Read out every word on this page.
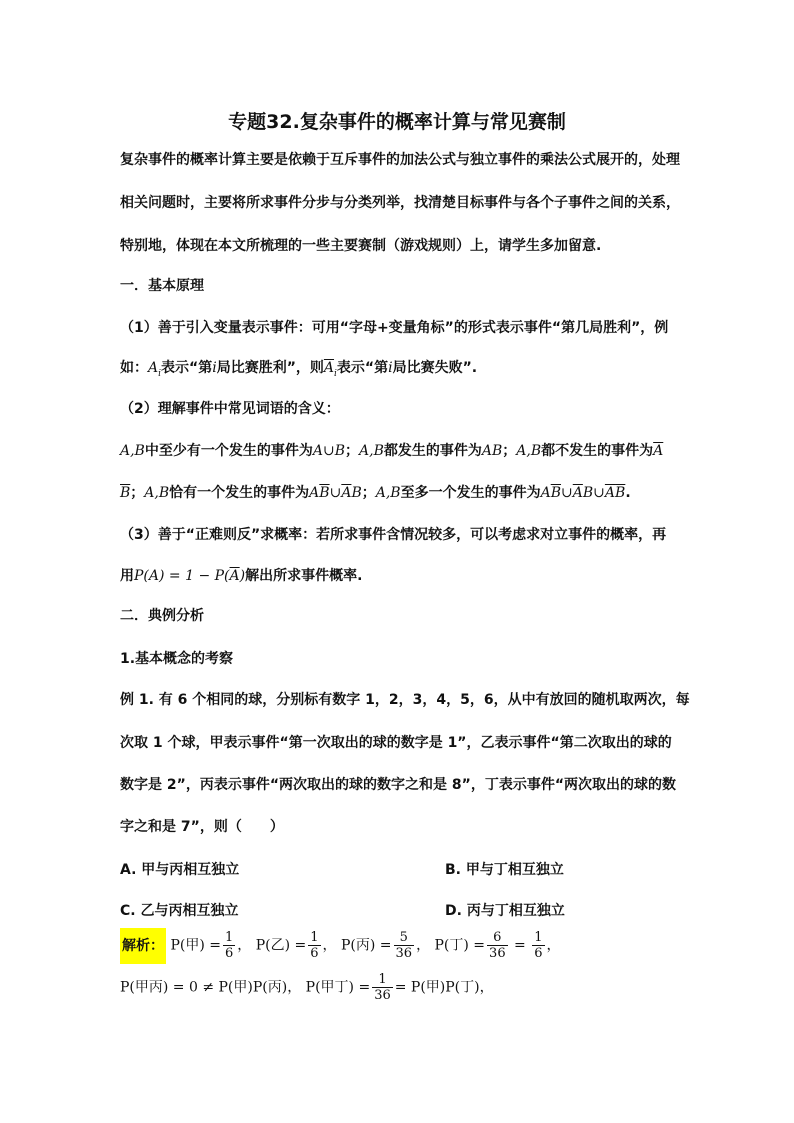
专题32.复杂事件的概率计算与常见赛制
复杂事件的概率计算主要是依赖于互斥事件的加法公式与独立事件的乘法公式展开的，处理
相关问题时，主要将所求事件分步与分类列举，找清楚目标事件与各个子事件之间的关系，
特别地，体现在本文所梳理的一些主要赛制（游戏规则）上，请学生多加留意.
一．基本原理
（1）善于引入变量表示事件：可用“字母+变量角标”的形式表示事件“第几局胜利”，例
如：$A_i$表示“第i局比赛胜利”，则$\overline{A}_i$表示“第i局比赛失败”.
（2）理解事件中常见词语的含义：
A,B中至少有一个发生的事件为A∪B；A,B都发生的事件为AB；A,B都不发生的事件为$\overline{A}$
$\overline{B}$；A,B恰有一个发生的事件为$A\overline{B}\cup\overline{A}B$；A,B至多一个发生的事件为$A\overline{B}\cup\overline{A}B\cup\overline{A}\overline{B}$.
（3）善于“正难则反”求概率：若所求事件含情况较多，可以考虑求对立事件的概率，再
用$P(A) = 1 - P(\overline{A})$解出所求事件概率.
二．典例分析
1.基本概念的考察
例 1. 有 6 个相同的球，分别标有数字 1，2，3，4，5，6，从中有放回的随机取两次，每
次取 1 个球，甲表示事件“第一次取出的球的数字是 1”，乙表示事件“第二次取出的球的
数字是 2”，丙表示事件“两次取出的球的数字之和是 8”，丁表示事件“两次取出的球的数
字之和是 7”，则（　　）
A. 甲与丙相互独立	B. 甲与丁相互独立
C. 乙与丙相互独立	D. 丙与丁相互独立
解析： P(甲) = $\frac{1}{6}$ ， P(乙) = $\frac{1}{6}$ ， P(丙) = $\frac{5}{36}$ ， P(丁) = $\frac{6}{36} = \frac{1}{6}$ ，
P(甲丙) = 0 ≠ P(甲)P(丙)， P(甲丁) = $\frac{1}{36} = P$(甲)P(丁)，
